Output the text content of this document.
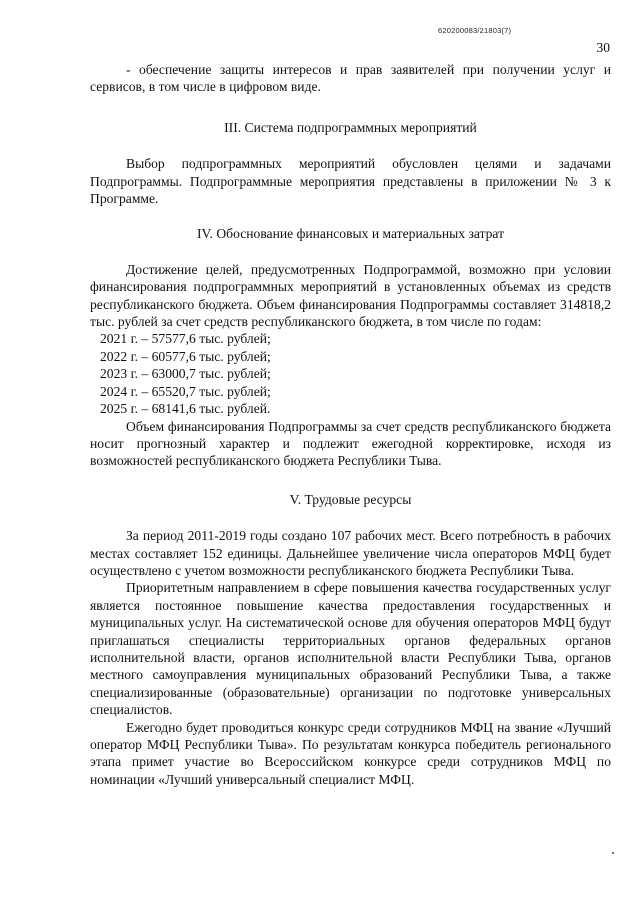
620200083/21803(7)
30

- обеспечение защиты интересов и прав заявителей при получении услуг и сервисов, в том числе в цифровом виде.

III. Система подпрограммных мероприятий

Выбор подпрограммных мероприятий обусловлен целями и задачами Подпрограммы. Подпрограммные мероприятия представлены в приложении № 3 к Программе.

IV. Обоснование финансовых и материальных затрат

Достижение целей, предусмотренных Подпрограммой, возможно при условии финансирования подпрограммных мероприятий в установленных объемах из средств республиканского бюджета. Объем финансирования Подпрограммы составляет 314818,2 тыс. рублей за счет средств республиканского бюджета, в том числе по годам:

2021 г. – 57577,6 тыс. рублей;
2022 г. – 60577,6 тыс. рублей;
2023 г. – 63000,7 тыс. рублей;
2024 г. – 65520,7 тыс. рублей;
2025 г. – 68141,6 тыс. рублей.

Объем финансирования Подпрограммы за счет средств республиканского бюджета носит прогнозный характер и подлежит ежегодной корректировке, исходя из возможностей республиканского бюджета Республики Тыва.

V. Трудовые ресурсы

За период 2011-2019 годы создано 107 рабочих мест. Всего потребность в рабочих местах составляет 152 единицы. Дальнейшее увеличение числа операторов МФЦ будет осуществлено с учетом возможности республиканского бюджета Республики Тыва.

Приоритетным направлением в сфере повышения качества государственных услуг является постоянное повышение качества предоставления государственных и муниципальных услуг. На систематической основе для обучения операторов МФЦ будут приглашаться специалисты территориальных органов федеральных органов исполнительной власти, органов исполнительной власти Республики Тыва, органов местного самоуправления муниципальных образований Республики Тыва, а также специализированные (образовательные) организации по подготовке универсальных специалистов.

Ежегодно будет проводиться конкурс среди сотрудников МФЦ на звание «Лучший оператор МФЦ Республики Тыва». По результатам конкурса победитель регионального этапа примет участие во Всероссийском конкурсе среди сотрудников МФЦ по номинации «Лучший универсальный специалист МФЦ.
